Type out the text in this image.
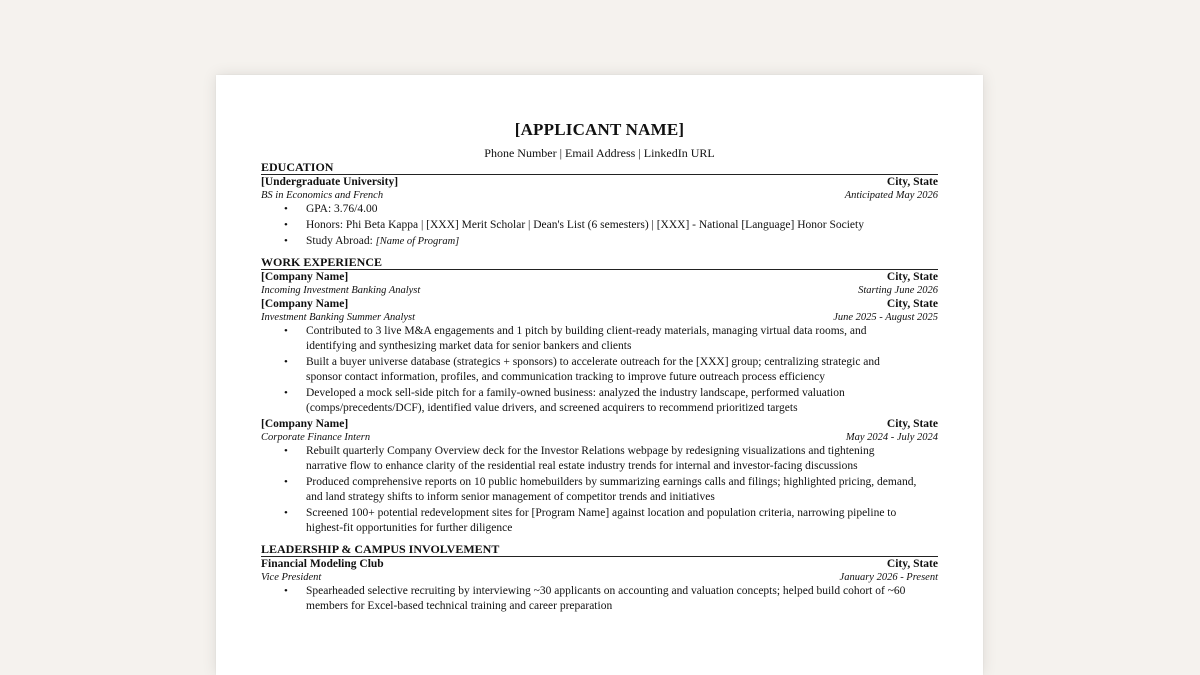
[APPLICANT NAME]
Phone Number | Email Address | LinkedIn URL
EDUCATION
[Undergraduate University]	City, State
BS in Economics and French	Anticipated May 2026
• GPA: 3.76/4.00
• Honors: Phi Beta Kappa | [XXX] Merit Scholar | Dean's List (6 semesters) | [XXX] - National [Language] Honor Society
• Study Abroad: [Name of Program]
WORK EXPERIENCE
[Company Name]	City, State
Incoming Investment Banking Analyst	Starting June 2026
[Company Name]	City, State
Investment Banking Summer Analyst	June 2025 - August 2025
• Contributed to 3 live M&A engagements and 1 pitch by building client-ready materials, managing virtual data rooms, and identifying and synthesizing market data for senior bankers and clients
• Built a buyer universe database (strategics + sponsors) to accelerate outreach for the [XXX] group; centralizing strategic and sponsor contact information, profiles, and communication tracking to improve future outreach process efficiency
• Developed a mock sell-side pitch for a family-owned business: analyzed the industry landscape, performed valuation (comps/precedents/DCF), identified value drivers, and screened acquirers to recommend prioritized targets
[Company Name]	City, State
Corporate Finance Intern	May 2024 - July 2024
• Rebuilt quarterly Company Overview deck for the Investor Relations webpage by redesigning visualizations and tightening narrative flow to enhance clarity of the residential real estate industry trends for internal and investor-facing discussions
• Produced comprehensive reports on 10 public homebuilders by summarizing earnings calls and filings; highlighted pricing, demand, and land strategy shifts to inform senior management of competitor trends and initiatives
• Screened 100+ potential redevelopment sites for [Program Name] against location and population criteria, narrowing pipeline to highest-fit opportunities for further diligence
LEADERSHIP & CAMPUS INVOLVEMENT
Financial Modeling Club	City, State
Vice President	January 2026 - Present
• Spearheaded selective recruiting by interviewing ~30 applicants on accounting and valuation concepts; helped build cohort of ~60 members for Excel-based technical training and career preparation
